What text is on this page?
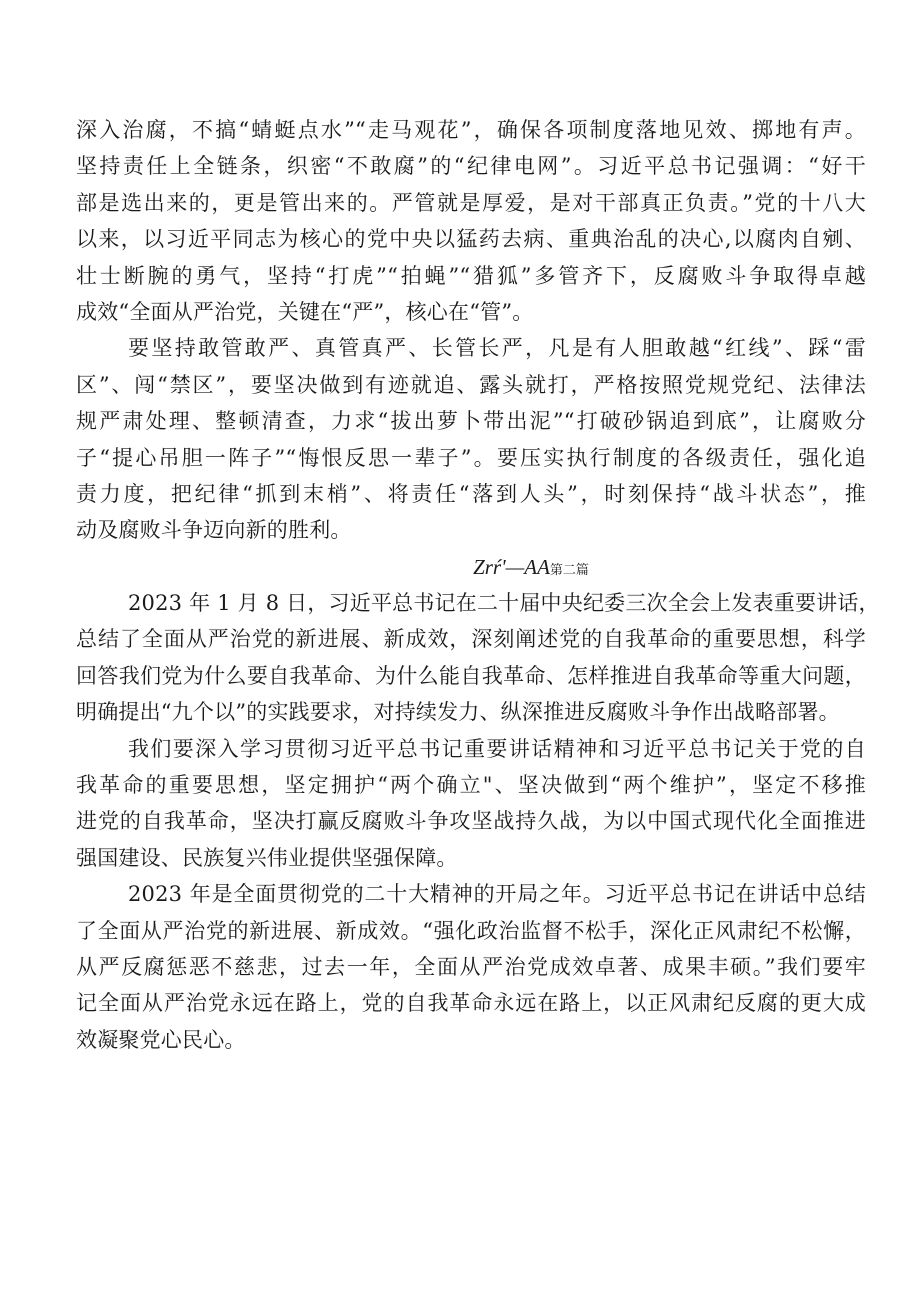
深入治腐，不搞“蜻蜓点水”“走马观花”，确保各项制度落地见效、掷地有声。
坚持责任上全链条，织密“不敢腐”的“纪律电网”。习近平总书记强调：“好干
部是选出来的，更是管出来的。严管就是厚爱，是对干部真正负责。”党的十八大
以来，以习近平同志为核心的党中央以猛药去病、重典治乱的决心,以腐肉自剜、
壮士断腕的勇气，坚持“打虎”“拍蝇”“猎狐”多管齐下，反腐败斗争取得卓越
成效“全面从严治党，关键在“严”，核心在“管”。
要坚持敢管敢严、真管真严、长管长严，凡是有人胆敢越“红线”、踩“雷
区”、闯“禁区”，要坚决做到有迹就追、露头就打，严格按照党规党纪、法律法
规严肃处理、整顿清查，力求“拔出萝卜带出泥”“打破砂锅追到底”，让腐败分
子“提心吊胆一阵子”“悔恨反思一辈子”。要压实执行制度的各级责任，强化追
责力度，把纪律“抓到末梢”、将责任“落到人头”，时刻保持“战斗状态”，推
动及腐败斗争迈向新的胜利。
Zrŕ'—AA第二篇
2023 年 1 月 8 日，习近平总书记在二十届中央纪委三次全会上发表重要讲话，
总结了全面从严治党的新进展、新成效，深刻阐述党的自我革命的重要思想，科学
回答我们党为什么要自我革命、为什么能自我革命、怎样推进自我革命等重大问题，
明确提出“九个以”的实践要求，对持续发力、纵深推进反腐败斗争作出战略部署。
我们要深入学习贯彻习近平总书记重要讲话精神和习近平总书记关于党的自
我革命的重要思想，坚定拥护“两个确立"、坚决做到“两个维护”，坚定不移推
进党的自我革命，坚决打赢反腐败斗争攻坚战持久战，为以中国式现代化全面推进
强国建设、民族复兴伟业提供坚强保障。
2023 年是全面贯彻党的二十大精神的开局之年。习近平总书记在讲话中总结
了全面从严治党的新进展、新成效。“强化政治监督不松手，深化正风肃纪不松懈，
从严反腐惩恶不慈悲，过去一年，全面从严治党成效卓著、成果丰硕。”我们要牢
记全面从严治党永远在路上，党的自我革命永远在路上，以正风肃纪反腐的更大成
效凝聚党心民心。
